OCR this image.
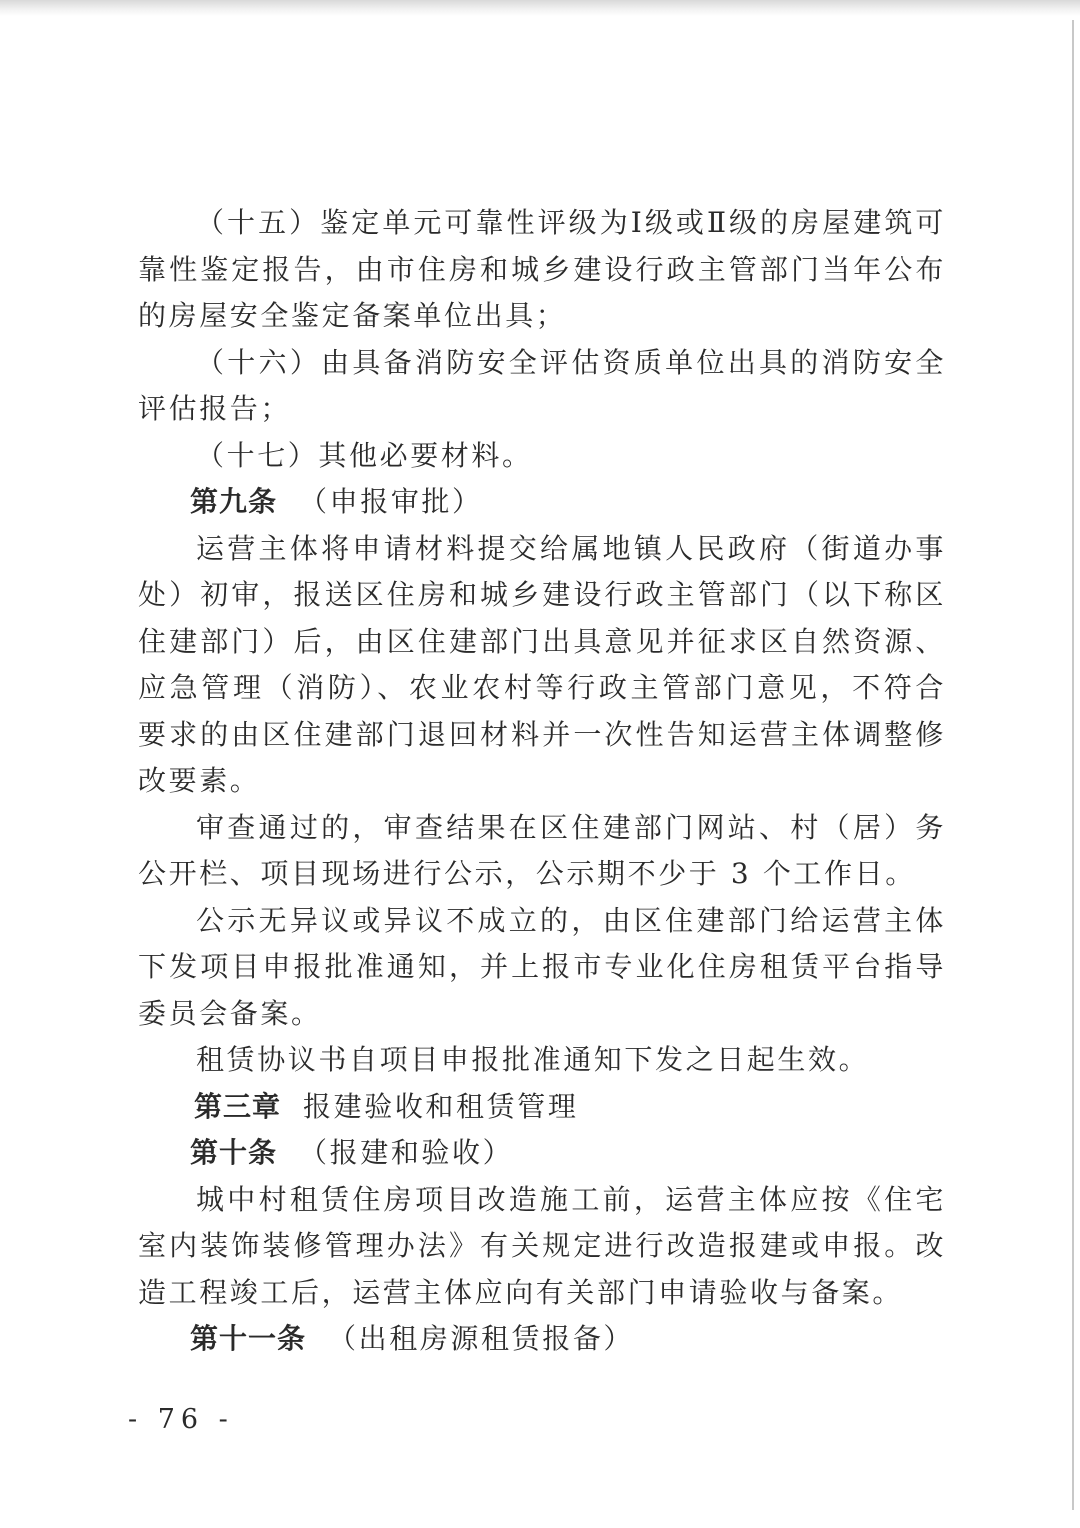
（十五）鉴定单元可靠性评级为Ⅰ级或Ⅱ级的房屋建筑可靠性鉴定报告，由市住房和城乡建设行政主管部门当年公布的房屋安全鉴定备案单位出具；

（十六）由具备消防安全评估资质单位出具的消防安全评估报告；

（十七）其他必要材料。

第九条 （申报审批）

运营主体将申请材料提交给属地镇人民政府（街道办事处）初审，报送区住房和城乡建设行政主管部门（以下称区住建部门）后，由区住建部门出具意见并征求区自然资源、应急管理（消防）、农业农村等行政主管部门意见，不符合要求的由区住建部门退回材料并一次性告知运营主体调整修改要素。

审查通过的，审查结果在区住建部门网站、村（居）务公开栏、项目现场进行公示，公示期不少于 3 个工作日。

公示无异议或异议不成立的，由区住建部门给运营主体下发项目申报批准通知，并上报市专业化住房租赁平台指导委员会备案。

租赁协议书自项目申报批准通知下发之日起生效。

第三章 报建验收和租赁管理

第十条 （报建和验收）

城中村租赁住房项目改造施工前，运营主体应按《住宅室内装饰装修管理办法》有关规定进行改造报建或申报。改造工程竣工后，运营主体应向有关部门申请验收与备案。

第十一条 （出租房源租赁报备）

- 76 -
